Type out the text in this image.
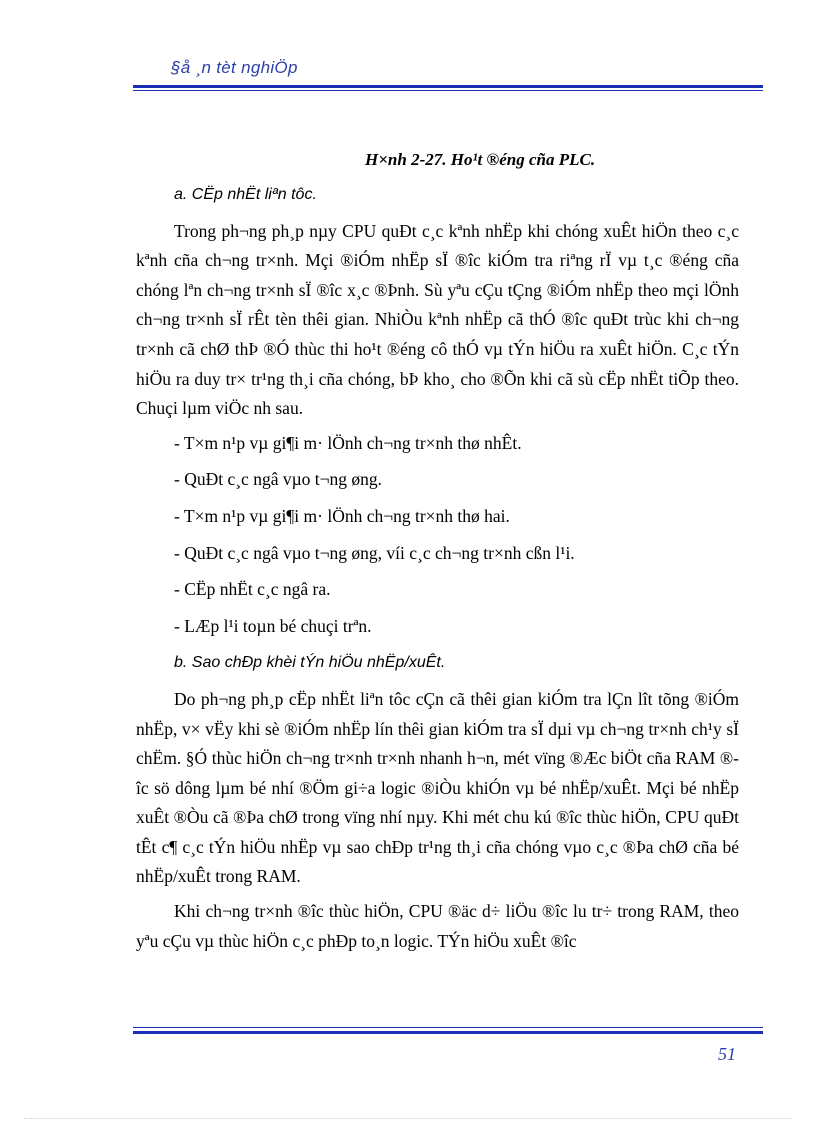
§å ¸n tèt nghiÖp
H×nh 2-27. Ho¹t ®éng cña PLC.

a. CËp nhËt liªn tôc.

Trong ph¬ng ph¸p nµy CPU quÐt c¸c kªnh nhËp khi chóng xuÊt hiÖn theo c¸c kªnh cña ch¬ng tr×nh. Mçi ®iÓm nhËp sÏ ®îc kiÓm tra riªng rÏ vµ t¸c ®éng cña chóng lªn ch¬ng tr×nh sÏ ®îc x¸c ®Þnh. Sù yªu cÇu tÇng ®iÓm nhËp theo mçi lÖnh ch¬ng tr×nh sÏ rÊt tèn thêi gian. NhiÒu kªnh nhËp cã thÓ ®îc quÐt trùc khi ch¬ng tr×nh cã chØ thÞ ®Ó thùc thi ho¹t ®éng cô thÓ vµ tÝn hiÖu ra xuÊt hiÖn. C¸c tÝn hiÖu ra duy tr× tr¹ng th¸i cña chóng, bÞ kho¸ cho ®Õn khi cã sù cËp nhËt tiÕp theo. Chuçi lµm viÖc nh sau.

- T×m n¹p vµ gi¶i m· lÖnh ch¬ng tr×nh thø nhÊt.

- QuÐt c¸c ngâ vµo t¬ng øng.

- T×m n¹p vµ gi¶i m· lÖnh ch¬ng tr×nh thø hai.

- QuÐt c¸c ngâ vµo t¬ng øng, víi c¸c ch¬ng tr×nh cßn l¹i.

- CËp nhËt c¸c ngâ ra.

- LÆp l¹i toµn bé chuçi trªn.

b. Sao chÐp khèi tÝn hiÖu nhËp/xuÊt.

Do ph¬ng ph¸p cËp nhËt liªn tôc cÇn cã thêi gian kiÓm tra lÇn lît tõng ®iÓm nhËp, v× vËy khi sè ®iÓm nhËp lín thêi gian kiÓm tra sÏ dµi vµ ch¬ng tr×nh ch¹y sÏ chËm. §Ó thùc hiÖn ch¬ng tr×nh tr×nh nhanh h¬n, mét vïng ®Æc biÖt cña RAM ®îc sö dông lµm bé nhí ®Öm gi÷a logic ®iÒu khiÓn vµ bé nhËp/xuÊt. Mçi bé nhËp xuÊt ®Òu cã ®Þa chØ trong vïng nhí nµy. Khi mét chu kú ®îc thùc hiÖn, CPU quÐt tÊt c¶ c¸c tÝn hiÖu nhËp vµ sao chÐp tr¹ng th¸i cña chóng vµo c¸c ®Þa chØ cña bé nhËp/xuÊt trong RAM.

Khi ch¬ng tr×nh ®îc thùc hiÖn, CPU ®äc d÷ liÖu ®îc lu tr÷ trong RAM, theo yªu cÇu vµ thùc hiÖn c¸c phÐp to¸n logic. TÝn hiÖu xuÊt ®îc

51
